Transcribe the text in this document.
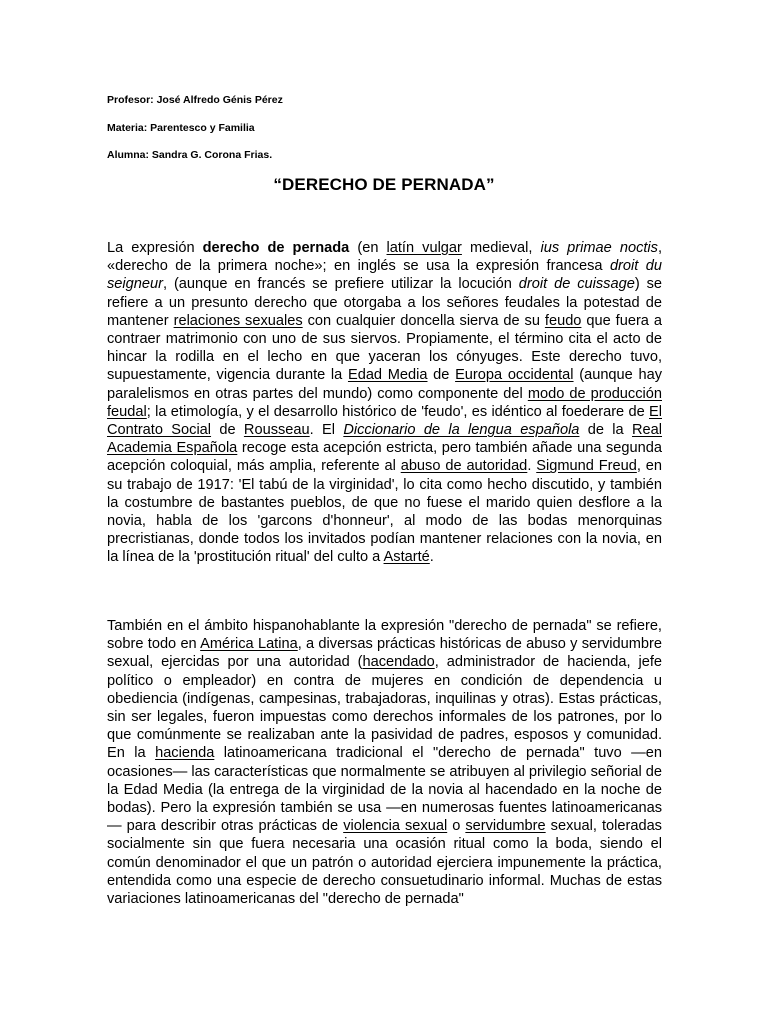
Profesor: José Alfredo Génis Pérez
Materia: Parentesco y Familia
Alumna: Sandra G. Corona Frias.
“DERECHO DE PERNADA”

La expresión derecho de pernada (en latín vulgar medieval, ius primae noctis, «derecho de la primera noche»; en inglés se usa la expresión francesa droit du seigneur, (aunque en francés se prefiere utilizar la locución droit de cuissage) se refiere a un presunto derecho que otorgaba a los señores feudales la potestad de mantener relaciones sexuales con cualquier doncella sierva de su feudo que fuera a contraer matrimonio con uno de sus siervos. Propiamente, el término cita el acto de hincar la rodilla en el lecho en que yaceran los cónyuges. Este derecho tuvo, supuestamente, vigencia durante la Edad Media de Europa occidental (aunque hay paralelismos en otras partes del mundo) como componente del modo de producción feudal; la etimología, y el desarrollo histórico de 'feudo', es idéntico al foederare de El Contrato Social de Rousseau. El Diccionario de la lengua española de la Real Academia Española recoge esta acepción estricta, pero también añade una segunda acepción coloquial, más amplia, referente al abuso de autoridad. Sigmund Freud, en su trabajo de 1917: 'El tabú de la virginidad', lo cita como hecho discutido, y también la costumbre de bastantes pueblos, de que no fuese el marido quien desflore a la novia, habla de los 'garcons d'honneur', al modo de las bodas menorquinas precristianas, donde todos los invitados podían mantener relaciones con la novia, en la línea de la 'prostitución ritual' del culto a Astarté.

También en el ámbito hispanohablante la expresión "derecho de pernada" se refiere, sobre todo en América Latina, a diversas prácticas históricas de abuso y servidumbre sexual, ejercidas por una autoridad (hacendado, administrador de hacienda, jefe político o empleador) en contra de mujeres en condición de dependencia u obediencia (indígenas, campesinas, trabajadoras, inquilinas y otras). Estas prácticas, sin ser legales, fueron impuestas como derechos informales de los patrones, por lo que comúnmente se realizaban ante la pasividad de padres, esposos y comunidad. En la hacienda latinoamericana tradicional el "derecho de pernada" tuvo —en ocasiones— las características que normalmente se atribuyen al privilegio señorial de la Edad Media (la entrega de la virginidad de la novia al hacendado en la noche de bodas). Pero la expresión también se usa —en numerosas fuentes latinoamericanas— para describir otras prácticas de violencia sexual o servidumbre sexual, toleradas socialmente sin que fuera necesaria una ocasión ritual como la boda, siendo el común denominador el que un patrón o autoridad ejerciera impunemente la práctica, entendida como una especie de derecho consuetudinario informal. Muchas de estas variaciones latinoamericanas del "derecho de pernada"
